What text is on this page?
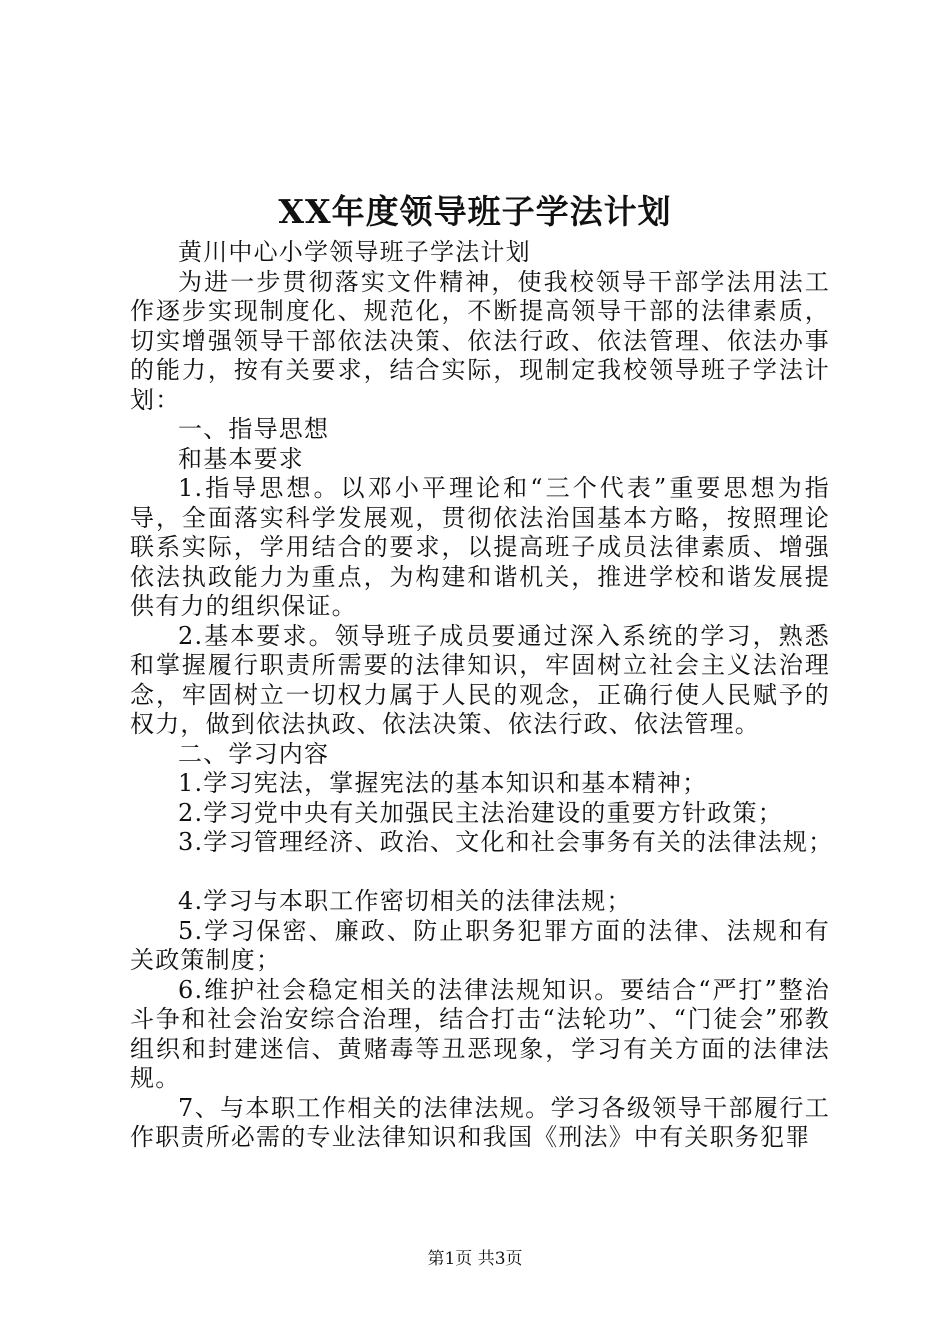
XX年度领导班子学法计划

黄川中心小学领导班子学法计划

为进一步贯彻落实文件精神，使我校领导干部学法用法工作逐步实现制度化、规范化，不断提高领导干部的法律素质，切实增强领导干部依法决策、依法行政、依法管理、依法办事的能力，按有关要求，结合实际，现制定我校领导班子学法计划：

一、指导思想

和基本要求

1.指导思想。以邓小平理论和“三个代表”重要思想为指导，全面落实科学发展观，贯彻依法治国基本方略，按照理论联系实际，学用结合的要求，以提高班子成员法律素质、增强依法执政能力为重点，为构建和谐机关，推进学校和谐发展提供有力的组织保证。

2.基本要求。领导班子成员要通过深入系统的学习，熟悉和掌握履行职责所需要的法律知识，牢固树立社会主义法治理念，牢固树立一切权力属于人民的观念，正确行使人民赋予的权力，做到依法执政、依法决策、依法行政、依法管理。

二、学习内容

1.学习宪法，掌握宪法的基本知识和基本精神；

2.学习党中央有关加强民主法治建设的重要方针政策；

3.学习管理经济、政治、文化和社会事务有关的法律法规；

4.学习与本职工作密切相关的法律法规；

5.学习保密、廉政、防止职务犯罪方面的法律、法规和有关政策制度；

6.维护社会稳定相关的法律法规知识。要结合“严打”整治斗争和社会治安综合治理，结合打击“法轮功”、“门徒会”邪教组织和封建迷信、黄赌毒等丑恶现象，学习有关方面的法律法规。

7、与本职工作相关的法律法规。学习各级领导干部履行工作职责所必需的专业法律知识和我国《刑法》中有关职务犯罪

第1页 共3页
